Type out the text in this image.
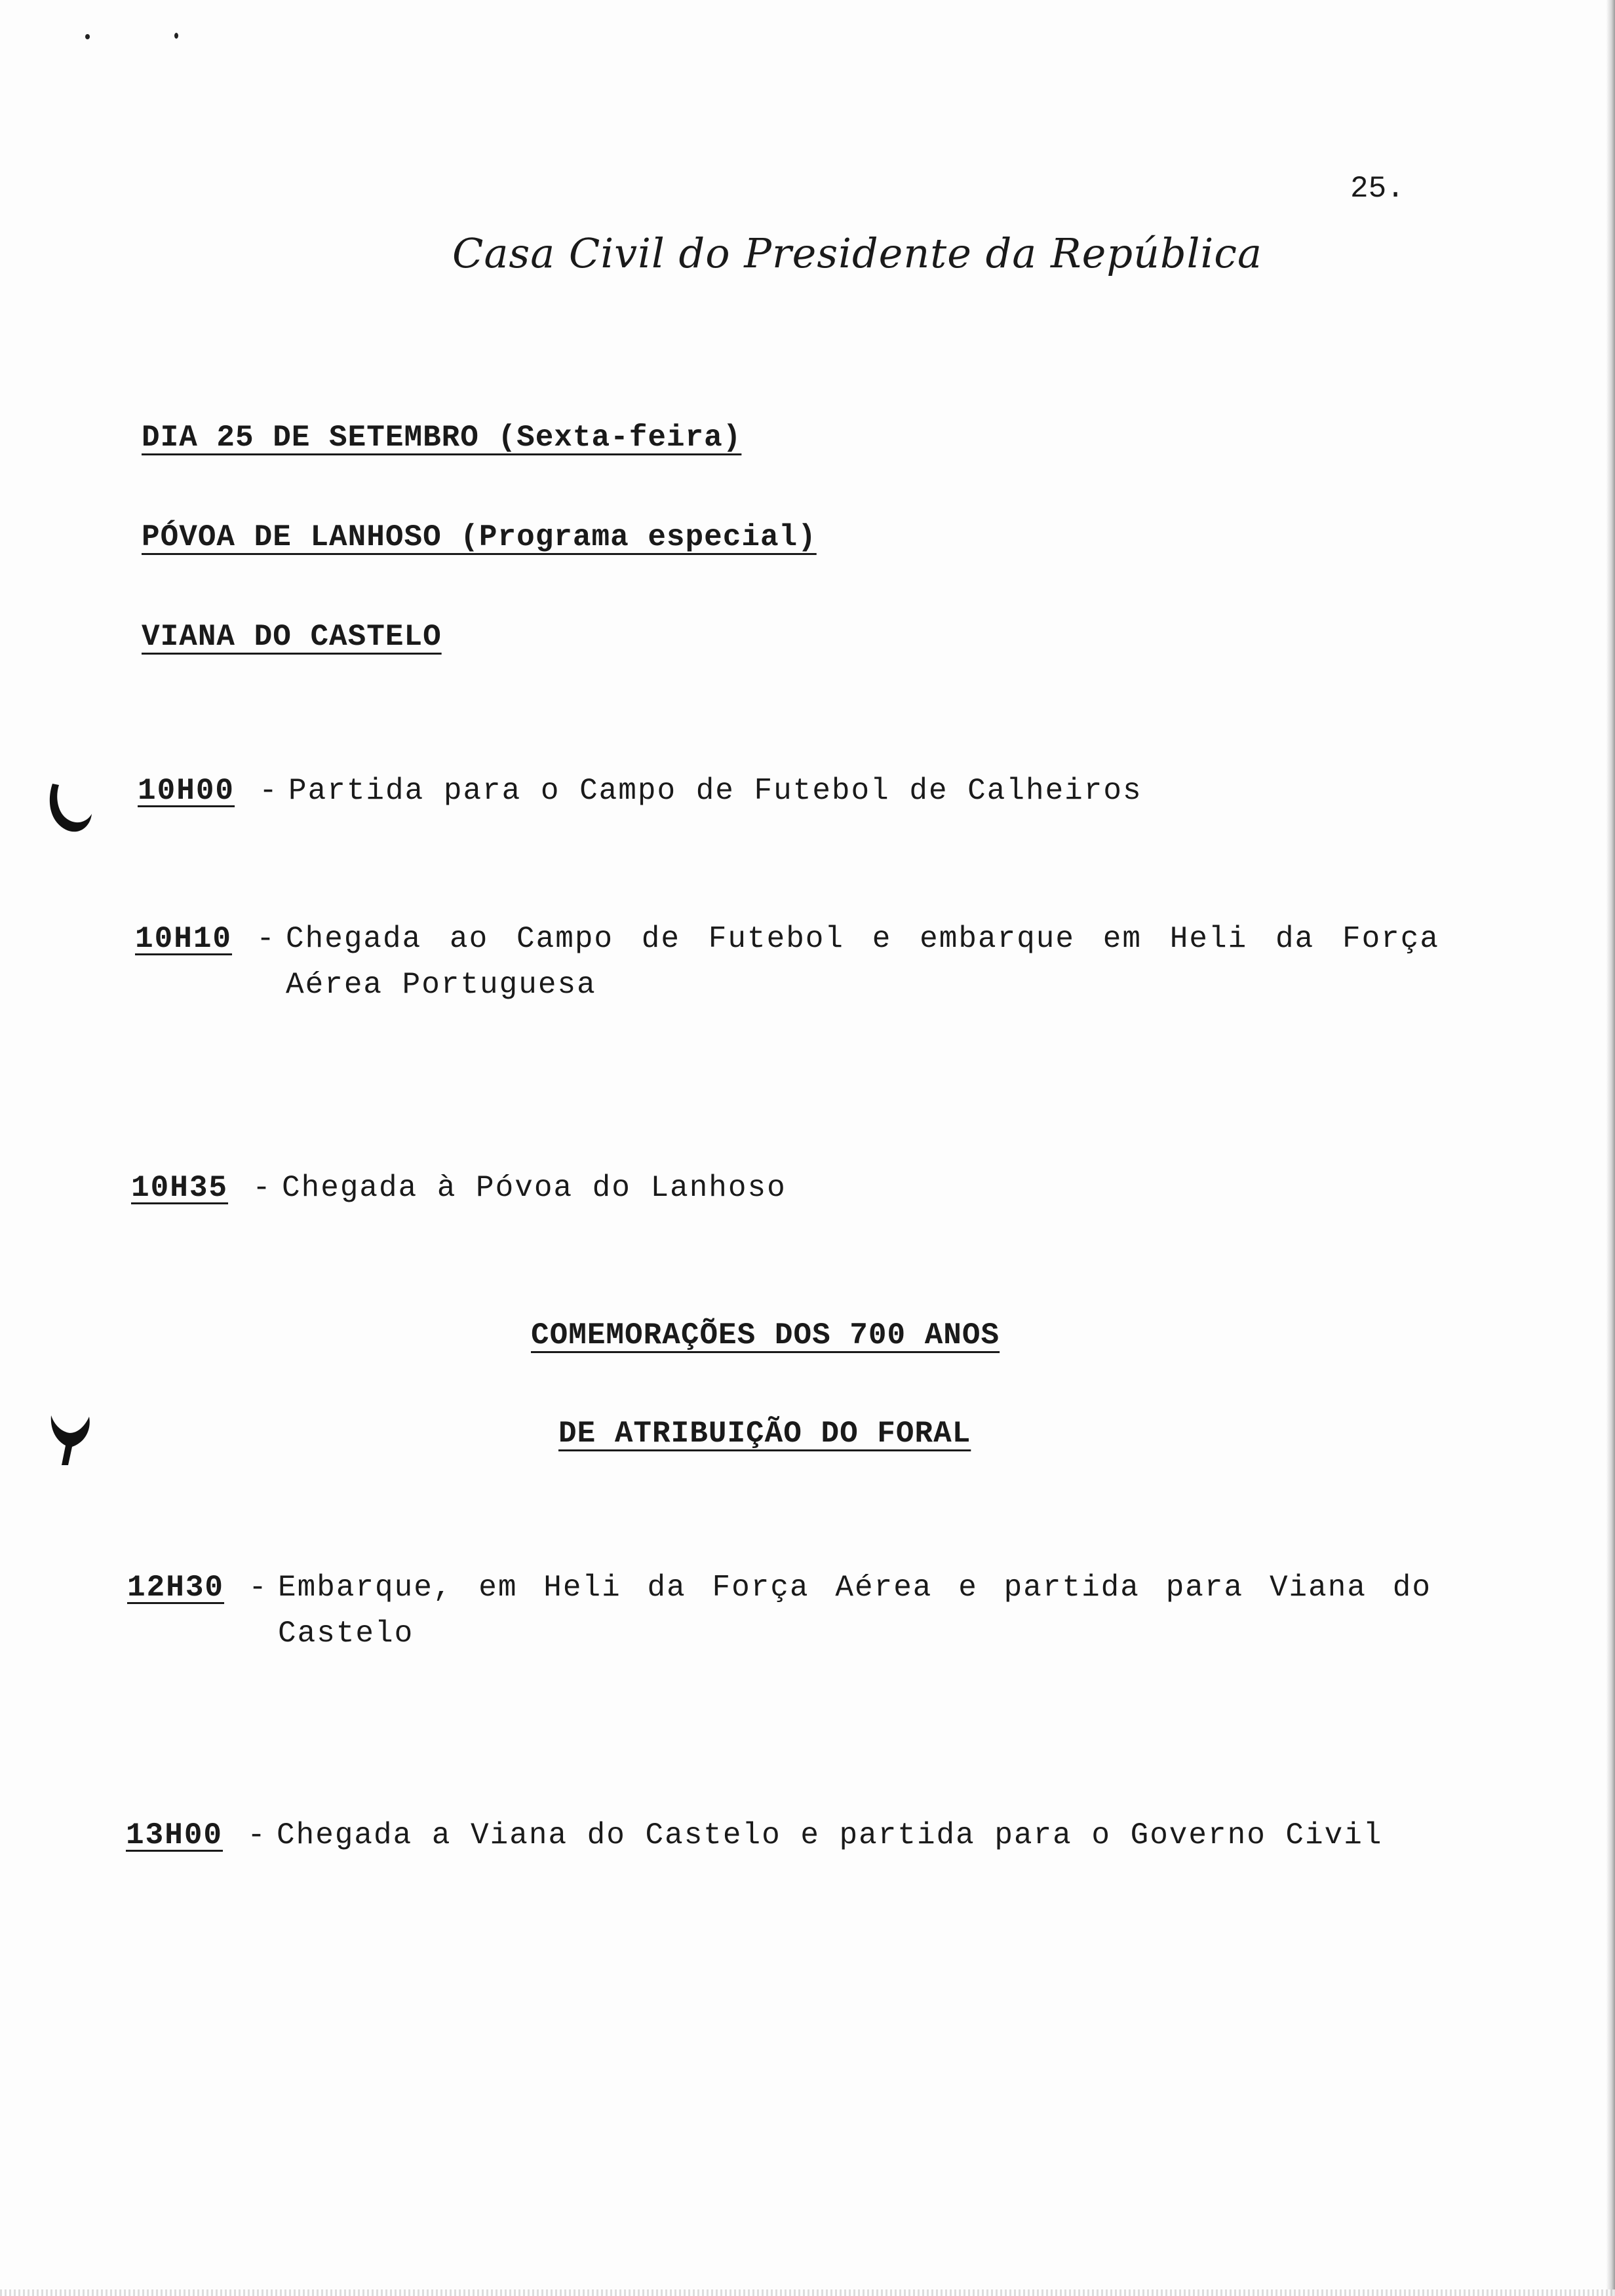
25.
Casa Civil do Presidente da República
DIA 25 DE SETEMBRO (Sexta-feira)
PÓVOA DE LANHOSO (Programa especial)
VIANA DO CASTELO
10H00 - Partida para o Campo de Futebol de Calheiros
10H10 - Chegada ao Campo de Futebol e embarque em Heli da Força Aérea Portuguesa
10H35 - Chegada à Póvoa do Lanhoso
COMEMORAÇÕES DOS 700 ANOS
DE ATRIBUIÇÃO DO FORAL
12H30 - Embarque, em Heli da Força Aérea e partida para Viana do Castelo
13H00 - Chegada a Viana do Castelo e partida para o Governo Civil
